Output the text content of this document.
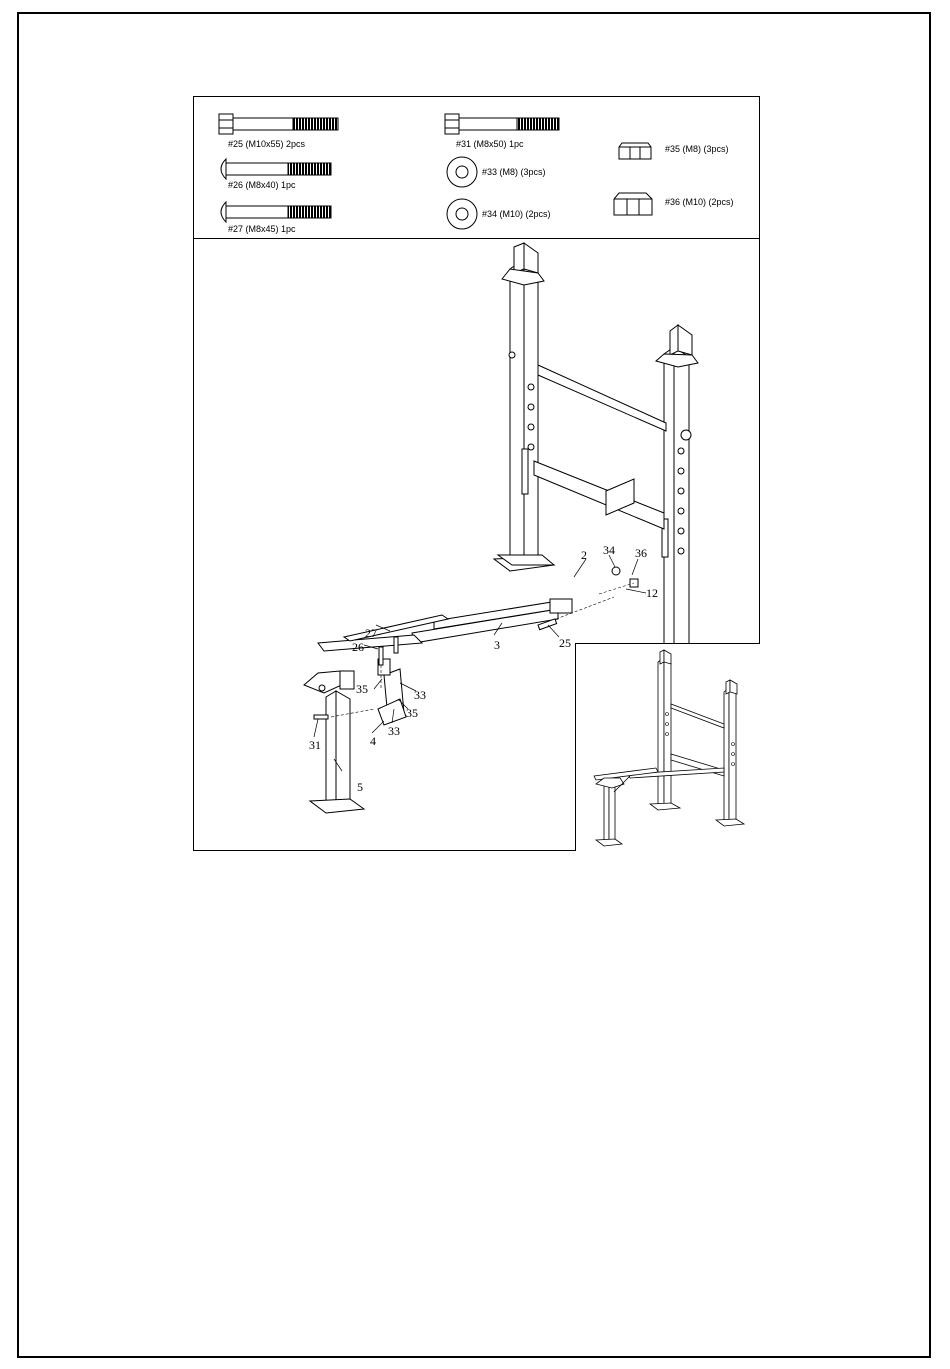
#25 (M10x55) 2pcs
#26 (M8x40) 1pc
#27 (M8x45) 1pc
#31 (M8x50) 1pc
#33 (M8) (3pcs)
#34 (M10) (2pcs)
#35 (M8) (3pcs)
#36 (M10) (2pcs)
2
3
4
5
12
25
26
27
31
33
33
34
35
35
36
